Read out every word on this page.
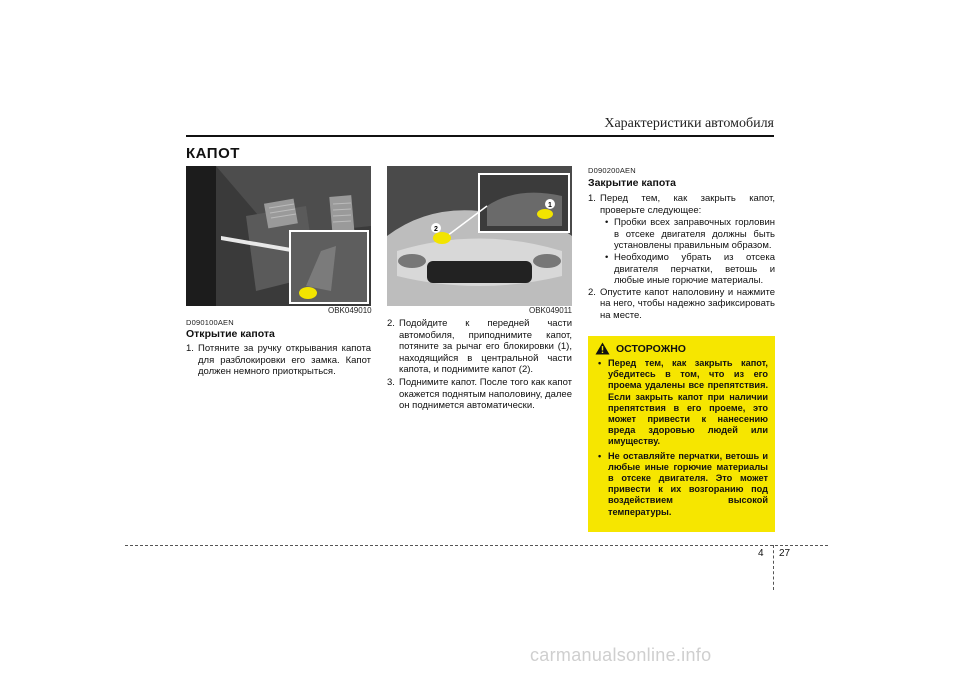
Характеристики автомобиля
КАПОТ
OBK049010
1
2
OBK049011
D090100AEN
Открытие капота
1. Потяните за ручку открывания капота для разблокировки его замка. Капот должен немного приоткрыться.
2. Подойдите к передней части автомобиля, приподнимите капот, потяните за рычаг его блокировки (1), находящийся в центральной части капота, и поднимите капот (2).
3. Поднимите капот. После того как капот окажется поднятым наполовину, далее он поднимется автоматически.
D090200AEN
Закрытие капота
1. Перед тем, как закрыть капот, проверьте следующее:
• Пробки всех заправочных горловин в отсеке двигателя должны быть установлены правильным образом.
• Необходимо убрать из отсека двигателя перчатки, ветошь и любые иные горючие материалы.
2. Опустите капот наполовину и нажмите на него, чтобы надежно зафиксировать на месте.
ОСТОРОЖНО
• Перед тем, как закрыть капот, убедитесь в том, что из его проема удалены все препятствия. Если закрыть капот при наличии препятствия в его проеме, это может привести к нанесению вреда здоровью людей или имуществу.
• Не оставляйте перчатки, ветошь и любые иные горючие материалы в отсеке двигателя. Это может привести к их возгоранию под воздействием высокой температуры.
4 27
carmanualsonline.info
